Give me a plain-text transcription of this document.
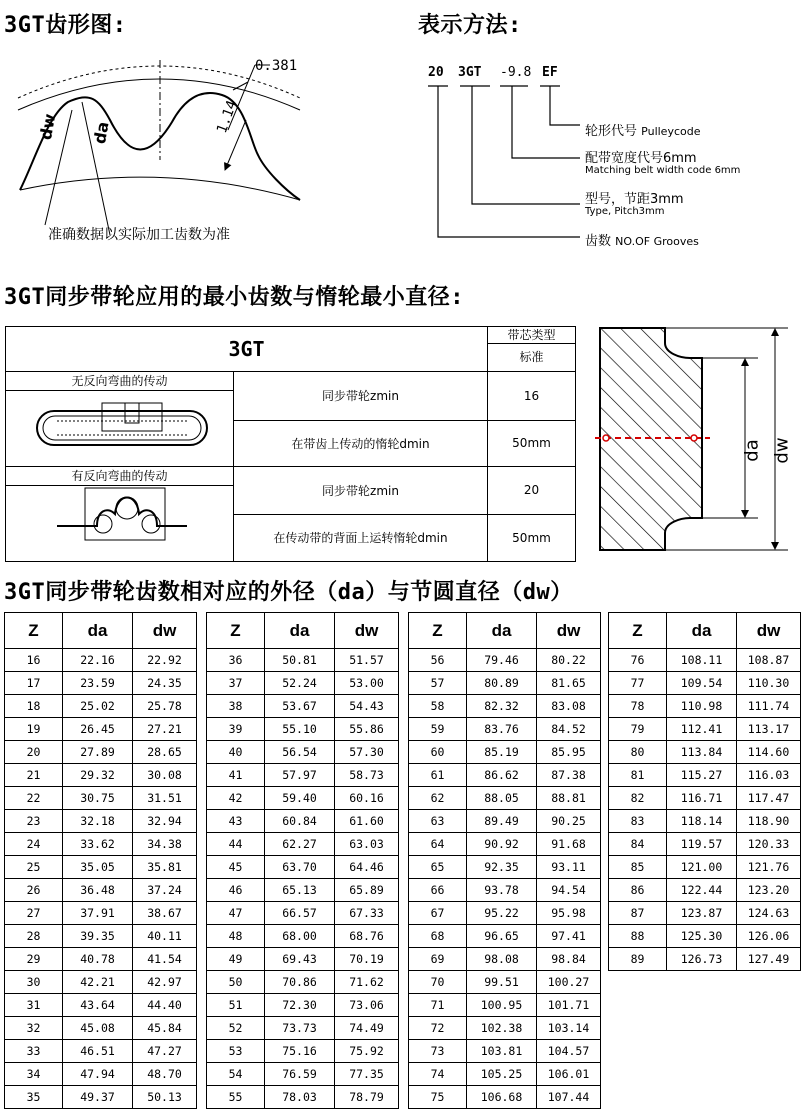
3GT齿形图:
0.381
1.14
dw da
准确数据以实际加工齿数为准
表示方法:
20 3GT -9.8 EF
轮形代号 Pulleycode
配带宽度代号6mm
Matching belt width code 6mm
型号，节距3mm
Type, Pitch3mm
齿数 NO.OF Grooves
3GT同步带轮应用的最小齿数与惰轮最小直径:
3GT		带芯类型
标准

无反向弯曲的传动	同步带轮zmin	16
	在带齿上传动的惰轮dmin	50mm

有反向弯曲的传动	同步带轮zmin	20
	在传动带的背面上运转惰轮dmin	50mm
da dw
3GT同步带轮齿数相对应的外径（da）与节圆直径（dw）
Z	da	dw
16	22.16	22.92
17	23.59	24.35
18	25.02	25.78
19	26.45	27.21
20	27.89	28.65
21	29.32	30.08
22	30.75	31.51
23	32.18	32.94
24	33.62	34.38
25	35.05	35.81
26	36.48	37.24
27	37.91	38.67
28	39.35	40.11
29	40.78	41.54
30	42.21	42.97
31	43.64	44.40
32	45.08	45.84
33	46.51	47.27
34	47.94	48.70
35	49.37	50.13
Z	da	dw
36	50.81	51.57
37	52.24	53.00
38	53.67	54.43
39	55.10	55.86
40	56.54	57.30
41	57.97	58.73
42	59.40	60.16
43	60.84	61.60
44	62.27	63.03
45	63.70	64.46
46	65.13	65.89
47	66.57	67.33
48	68.00	68.76
49	69.43	70.19
50	70.86	71.62
51	72.30	73.06
52	73.73	74.49
53	75.16	75.92
54	76.59	77.35
55	78.03	78.79
Z	da	dw
56	79.46	80.22
57	80.89	81.65
58	82.32	83.08
59	83.76	84.52
60	85.19	85.95
61	86.62	87.38
62	88.05	88.81
63	89.49	90.25
64	90.92	91.68
65	92.35	93.11
66	93.78	94.54
67	95.22	95.98
68	96.65	97.41
69	98.08	98.84
70	99.51	100.27
71	100.95	101.71
72	102.38	103.14
73	103.81	104.57
74	105.25	106.01
75	106.68	107.44
Z	da	dw
76	108.11	108.87
77	109.54	110.30
78	110.98	111.74
79	112.41	113.17
80	113.84	114.60
81	115.27	116.03
82	116.71	117.47
83	118.14	118.90
84	119.57	120.33
85	121.00	121.76
86	122.44	123.20
87	123.87	124.63
88	125.30	126.06
89	126.73	127.49
